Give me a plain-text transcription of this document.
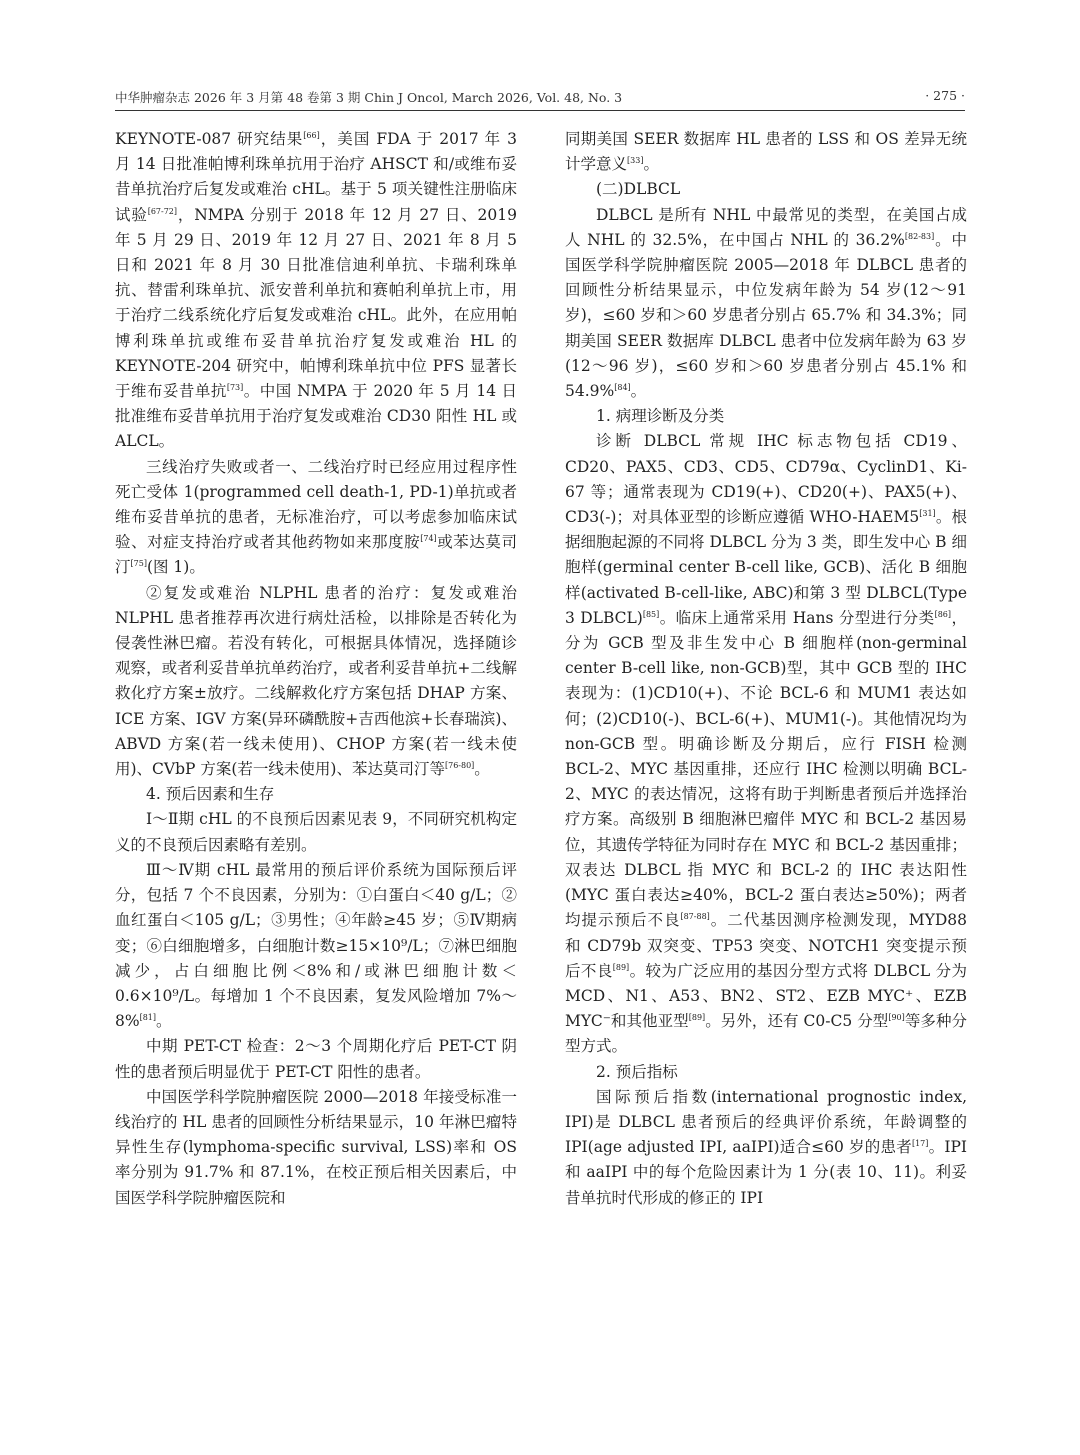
中华肿瘤杂志 2026 年 3 月第 48 卷第 3 期 Chin J Oncol, March 2026, Vol. 48, No. 3	· 275 ·

KEYNOTE-087 研究结果[66]，美国 FDA 于 2017 年 3 月 14 日批准帕博利珠单抗用于治疗 AHSCT 和/或维布妥昔单抗治疗后复发或难治 cHL。基于 5 项关键性注册临床试验[67-72]，NMPA 分别于 2018 年 12 月 27 日、2019 年 5 月 29 日、2019 年 12 月 27 日、2021 年 8 月 5 日和 2021 年 8 月 30 日批准信迪利单抗、卡瑞利珠单抗、替雷利珠单抗、派安普利单抗和赛帕利单抗上市，用于治疗二线系统化疗后复发或难治 cHL。此外，在应用帕博利珠单抗或维布妥昔单抗治疗复发或难治 HL 的 KEYNOTE-204 研究中，帕博利珠单抗中位 PFS 显著长于维布妥昔单抗[73]。中国 NMPA 于 2020 年 5 月 14 日批准维布妥昔单抗用于治疗复发或难治 CD30 阳性 HL 或 ALCL。

三线治疗失败或者一、二线治疗时已经应用过程序性死亡受体 1(programmed cell death-1, PD-1)单抗或者维布妥昔单抗的患者，无标准治疗，可以考虑参加临床试验、对症支持治疗或者其他药物如来那度胺[74]或苯达莫司汀[75](图 1)。

②复发或难治 NLPHL 患者的治疗：复发或难治 NLPHL 患者推荐再次进行病灶活检，以排除是否转化为侵袭性淋巴瘤。若没有转化，可根据具体情况，选择随诊观察，或者利妥昔单抗单药治疗，或者利妥昔单抗+二线解救化疗方案±放疗。二线解救化疗方案包括 DHAP 方案、ICE 方案、IGV 方案(异环磷酰胺+吉西他滨+长春瑞滨)、ABVD 方案(若一线未使用)、CHOP 方案(若一线未使用)、CVbP 方案(若一线未使用)、苯达莫司汀等[76-80]。

4. 预后因素和生存

Ⅰ～Ⅱ期 cHL 的不良预后因素见表 9，不同研究机构定义的不良预后因素略有差别。

Ⅲ～Ⅳ期 cHL 最常用的预后评价系统为国际预后评分，包括 7 个不良因素，分别为：①白蛋白＜40 g/L；②血红蛋白＜105 g/L；③男性；④年龄≥45 岁；⑤Ⅳ期病变；⑥白细胞增多，白细胞计数≥15×10⁹/L；⑦淋巴细胞减少，占白细胞比例＜8%和/或淋巴细胞计数＜0.6×10⁹/L。每增加 1 个不良因素，复发风险增加 7%～8%[81]。

中期 PET-CT 检查：2～3 个周期化疗后 PET-CT 阴性的患者预后明显优于 PET-CT 阳性的患者。

中国医学科学院肿瘤医院 2000—2018 年接受标准一线治疗的 HL 患者的回顾性分析结果显示，10 年淋巴瘤特异性生存(lymphoma-specific survival, LSS)率和 OS 率分别为 91.7% 和 87.1%，在校正预后相关因素后，中国医学科学院肿瘤医院和

同期美国 SEER 数据库 HL 患者的 LSS 和 OS 差异无统计学意义[33]。

(二)DLBCL

DLBCL 是所有 NHL 中最常见的类型，在美国占成人 NHL 的 32.5%，在中国占 NHL 的 36.2%[82-83]。中国医学科学院肿瘤医院 2005—2018 年 DLBCL 患者的回顾性分析结果显示，中位发病年龄为 54 岁(12～91 岁)，≤60 岁和＞60 岁患者分别占 65.7% 和 34.3%；同期美国 SEER 数据库 DLBCL 患者中位发病年龄为 63 岁(12～96 岁)，≤60 岁和＞60 岁患者分别占 45.1% 和 54.9%[84]。

1. 病理诊断及分类

诊断 DLBCL 常规 IHC 标志物包括 CD19、CD20、PAX5、CD3、CD5、CD79α、CyclinD1、Ki-67 等；通常表现为 CD19(+)、CD20(+)、PAX5(+)、CD3(-)；对具体亚型的诊断应遵循 WHO-HAEM5[31]。根据细胞起源的不同将 DLBCL 分为 3 类，即生发中心 B 细胞样(germinal center B-cell like, GCB)、活化 B 细胞样(activated B-cell-like, ABC)和第 3 型 DLBCL(Type 3 DLBCL)[85]。临床上通常采用 Hans 分型进行分类[86]，分为 GCB 型及非生发中心 B 细胞样(non-germinal center B-cell like, non-GCB)型，其中 GCB 型的 IHC 表现为：(1)CD10(+)、不论 BCL-6 和 MUM1 表达如何；(2)CD10(-)、BCL-6(+)、MUM1(-)。其他情况均为 non-GCB 型。明确诊断及分期后，应行 FISH 检测 BCL-2、MYC 基因重排，还应行 IHC 检测以明确 BCL-2、MYC 的表达情况，这将有助于判断患者预后并选择治疗方案。高级别 B 细胞淋巴瘤伴 MYC 和 BCL-2 基因易位，其遗传学特征为同时存在 MYC 和 BCL-2 基因重排；双表达 DLBCL 指 MYC 和 BCL-2 的 IHC 表达阳性(MYC 蛋白表达≥40%，BCL-2 蛋白表达≥50%)；两者均提示预后不良[87-88]。二代基因测序检测发现，MYD88 和 CD79b 双突变、TP53 突变、NOTCH1 突变提示预后不良[89]。较为广泛应用的基因分型方式将 DLBCL 分为 MCD、N1、A53、BN2、ST2、EZB MYC⁺、EZB MYC⁻和其他亚型[89]。另外，还有 C0-C5 分型[90]等多种分型方式。

2. 预后指标

国际预后指数(international prognostic index, IPI)是 DLBCL 患者预后的经典评价系统，年龄调整的 IPI(age adjusted IPI, aaIPI)适合≤60 岁的患者[17]。IPI 和 aaIPI 中的每个危险因素计为 1 分(表 10、11)。利妥昔单抗时代形成的修正的 IPI
